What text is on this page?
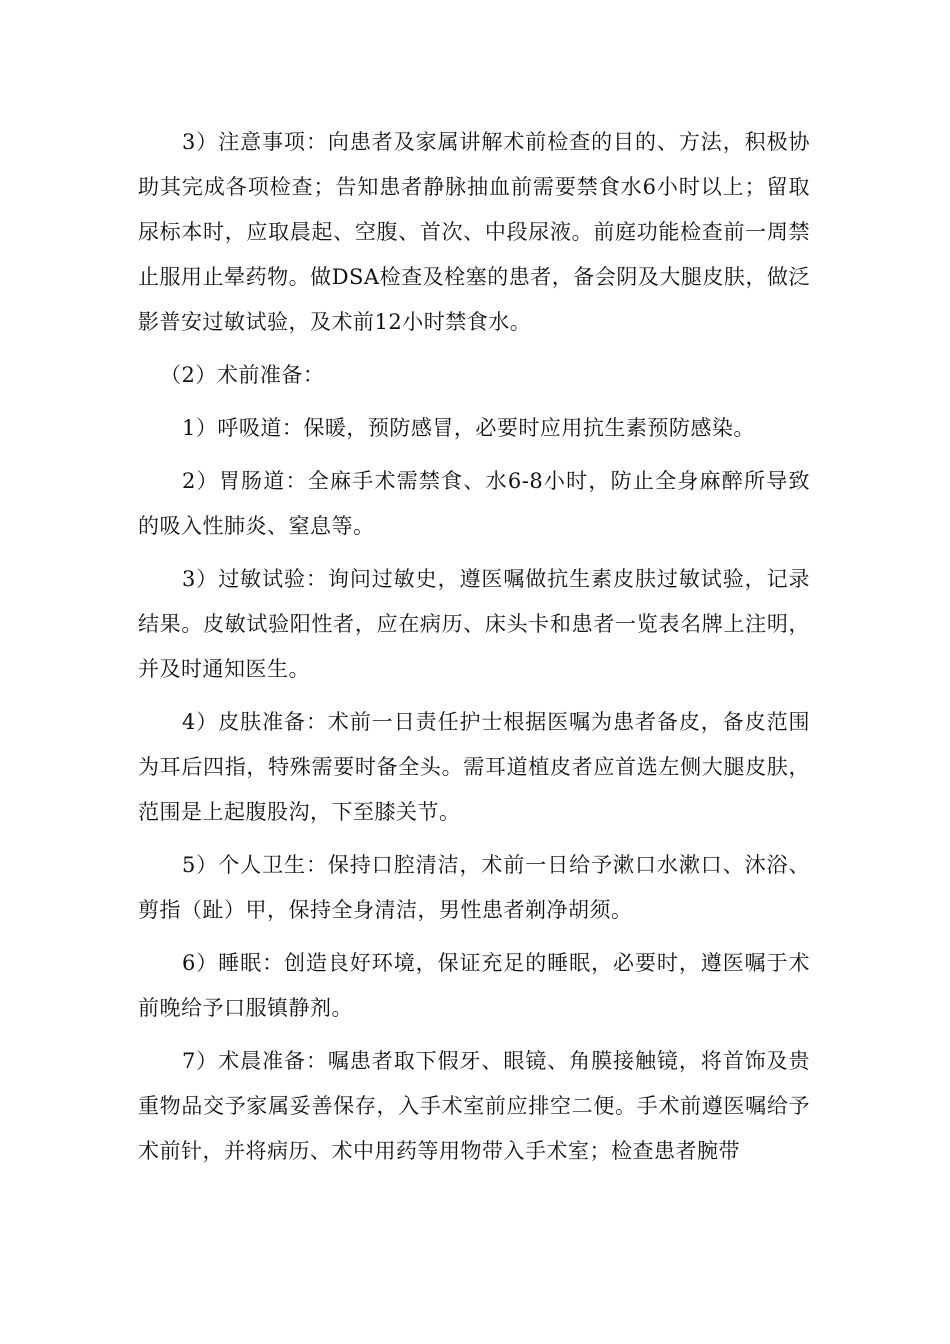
3）注意事项：向患者及家属讲解术前检查的目的、方法，积极协助其完成各项检查；告知患者静脉抽血前需要禁食水6小时以上；留取尿标本时，应取晨起、空腹、首次、中段尿液。前庭功能检查前一周禁止服用止晕药物。做DSA检查及栓塞的患者，备会阴及大腿皮肤，做泛影普安过敏试验，及术前12小时禁食水。

（2）术前准备：

1）呼吸道：保暖，预防感冒，必要时应用抗生素预防感染。

2）胃肠道：全麻手术需禁食、水6-8小时，防止全身麻醉所导致的吸入性肺炎、窒息等。

3）过敏试验：询问过敏史，遵医嘱做抗生素皮肤过敏试验，记录结果。皮敏试验阳性者，应在病历、床头卡和患者一览表名牌上注明，并及时通知医生。

4）皮肤准备：术前一日责任护士根据医嘱为患者备皮，备皮范围为耳后四指，特殊需要时备全头。需耳道植皮者应首选左侧大腿皮肤，范围是上起腹股沟，下至膝关节。

5）个人卫生：保持口腔清洁，术前一日给予漱口水漱口、沐浴、剪指（趾）甲，保持全身清洁，男性患者剃净胡须。

6）睡眠：创造良好环境，保证充足的睡眠，必要时，遵医嘱于术前晚给予口服镇静剂。

7）术晨准备：嘱患者取下假牙、眼镜、角膜接触镜，将首饰及贵重物品交予家属妥善保存，入手术室前应排空二便。手术前遵医嘱给予术前针，并将病历、术中用药等用物带入手术室；检查患者腕带
